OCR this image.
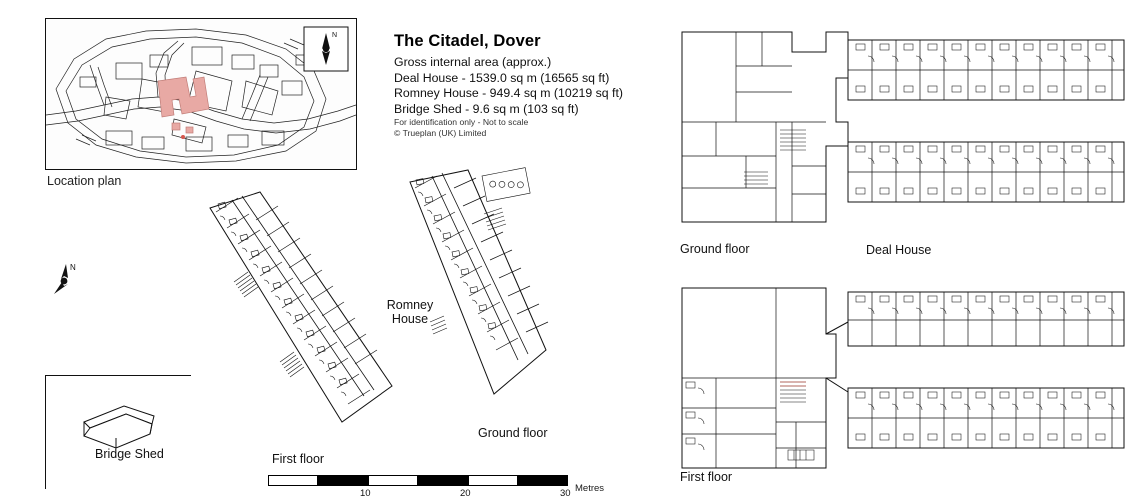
N
Location plan
The Citadel, Dover
Gross internal area (approx.)
Deal House - 1539.0 sq m (16565 sq ft)
Romney House - 949.4 sq m (10219 sq ft)
Bridge Shed - 9.6 sq m (103 sq ft)
For identification only - Not to scale
© Trueplan (UK) Limited
N
Bridge Shed	First floor
Ground floor
Romney
House
Ground floor	Deal House
First floor
10	20	30 Metres
